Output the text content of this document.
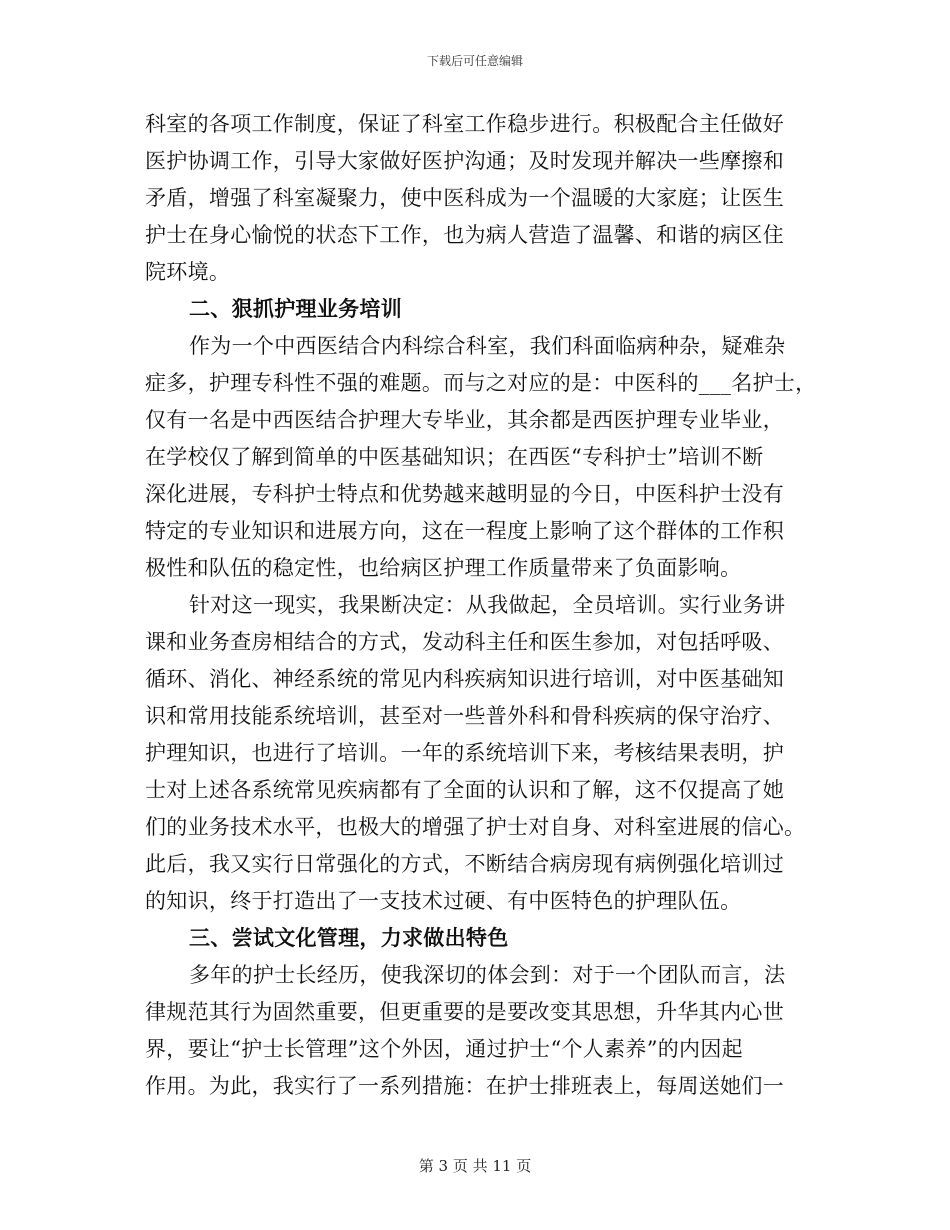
下载后可任意编辑
科室的各项工作制度，保证了科室工作稳步进行。积极配合主任做好
医护协调工作，引导大家做好医护沟通；及时发现并解决一些摩擦和
矛盾，增强了科室凝聚力，使中医科成为一个温暖的大家庭；让医生
护士在身心愉悦的状态下工作，也为病人营造了温馨、和谐的病区住
院环境。
二、狠抓护理业务培训
作为一个中西医结合内科综合科室，我们科面临病种杂，疑难杂
症多，护理专科性不强的难题。而与之对应的是：中医科的___名护士，
仅有一名是中西医结合护理大专毕业，其余都是西医护理专业毕业，
在学校仅了解到简单的中医基础知识；在西医“专科护士”培训不断
深化进展，专科护士特点和优势越来越明显的今日，中医科护士没有
特定的专业知识和进展方向，这在一程度上影响了这个群体的工作积
极性和队伍的稳定性，也给病区护理工作质量带来了负面影响。
针对这一现实，我果断决定：从我做起，全员培训。实行业务讲
课和业务查房相结合的方式，发动科主任和医生参加，对包括呼吸、
循环、消化、神经系统的常见内科疾病知识进行培训，对中医基础知
识和常用技能系统培训，甚至对一些普外科和骨科疾病的保守治疗、
护理知识，也进行了培训。一年的系统培训下来，考核结果表明，护
士对上述各系统常见疾病都有了全面的认识和了解，这不仅提高了她
们的业务技术水平，也极大的增强了护士对自身、对科室进展的信心。
此后，我又实行日常强化的方式，不断结合病房现有病例强化培训过
的知识，终于打造出了一支技术过硬、有中医特色的护理队伍。
三、尝试文化管理，力求做出特色
多年的护士长经历，使我深切的体会到：对于一个团队而言，法
律规范其行为固然重要，但更重要的是要改变其思想，升华其内心世
界，要让“护士长管理”这个外因，通过护士“个人素养”的内因起
作用。为此，我实行了一系列措施：在护士排班表上，每周送她们一
第 3 页 共 11 页
